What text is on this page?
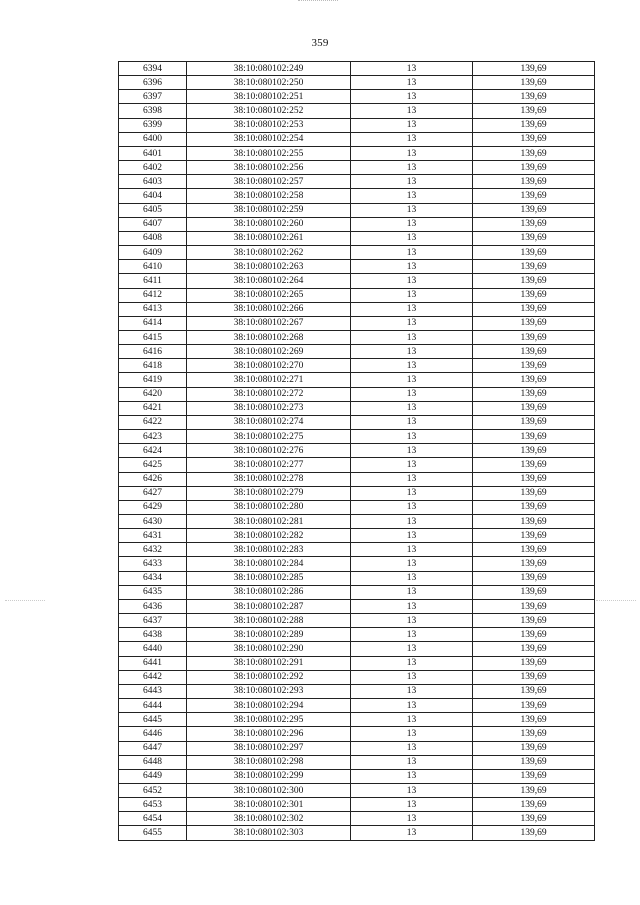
359
6394	38:10:080102:249	13	139,69
6396	38:10:080102:250	13	139,69
6397	38:10:080102:251	13	139,69
6398	38:10:080102:252	13	139,69
6399	38:10:080102:253	13	139,69
6400	38:10:080102:254	13	139,69
6401	38:10:080102:255	13	139,69
6402	38:10:080102:256	13	139,69
6403	38:10:080102:257	13	139,69
6404	38:10:080102:258	13	139,69
6405	38:10:080102:259	13	139,69
6407	38:10:080102:260	13	139,69
6408	38:10:080102:261	13	139,69
6409	38:10:080102:262	13	139,69
6410	38:10:080102:263	13	139,69
6411	38:10:080102:264	13	139,69
6412	38:10:080102:265	13	139,69
6413	38:10:080102:266	13	139,69
6414	38:10:080102:267	13	139,69
6415	38:10:080102:268	13	139,69
6416	38:10:080102:269	13	139,69
6418	38:10:080102:270	13	139,69
6419	38:10:080102:271	13	139,69
6420	38:10:080102:272	13	139,69
6421	38:10:080102:273	13	139,69
6422	38:10:080102:274	13	139,69
6423	38:10:080102:275	13	139,69
6424	38:10:080102:276	13	139,69
6425	38:10:080102:277	13	139,69
6426	38:10:080102:278	13	139,69
6427	38:10:080102:279	13	139,69
6429	38:10:080102:280	13	139,69
6430	38:10:080102:281	13	139,69
6431	38:10:080102:282	13	139,69
6432	38:10:080102:283	13	139,69
6433	38:10:080102:284	13	139,69
6434	38:10:080102:285	13	139,69
6435	38:10:080102:286	13	139,69
6436	38:10:080102:287	13	139,69
6437	38:10:080102:288	13	139,69
6438	38:10:080102:289	13	139,69
6440	38:10:080102:290	13	139,69
6441	38:10:080102:291	13	139,69
6442	38:10:080102:292	13	139,69
6443	38:10:080102:293	13	139,69
6444	38:10:080102:294	13	139,69
6445	38:10:080102:295	13	139,69
6446	38:10:080102:296	13	139,69
6447	38:10:080102:297	13	139,69
6448	38:10:080102:298	13	139,69
6449	38:10:080102:299	13	139,69
6452	38:10:080102:300	13	139,69
6453	38:10:080102:301	13	139,69
6454	38:10:080102:302	13	139,69
6455	38:10:080102:303	13	139,69
